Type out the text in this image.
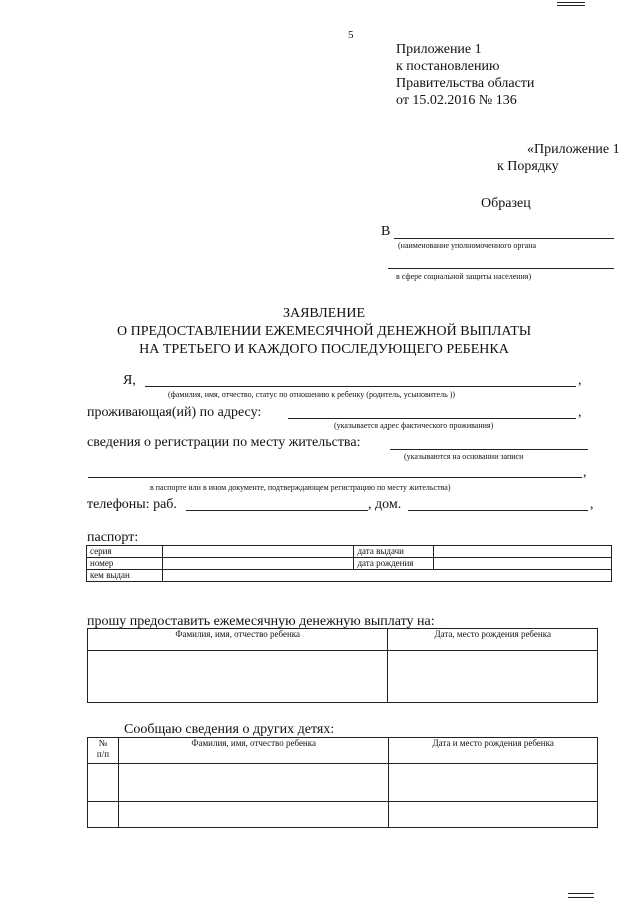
5
Приложение 1
к постановлению
Правительства области
от 15.02.2016 № 136
«Приложение 1
к Порядку
Образец
В
(наименование уполномоченного органа
в сфере социальной защиты населения)
ЗАЯВЛЕНИЕ
О ПРЕДОСТАВЛЕНИИ ЕЖЕМЕСЯЧНОЙ ДЕНЕЖНОЙ ВЫПЛАТЫ
НА ТРЕТЬЕГО И КАЖДОГО ПОСЛЕДУЮЩЕГО РЕБЕНКА
Я,	,
(фамилия, имя, отчество, статус по отношению к ребенку (родитель, усыновитель ))
проживающая(ий) по адресу:	,
(указывается адрес фактического проживания)
сведения о регистрации по месту жительства:
(указываются на основании записи
,
в паспорте или в ином документе, подтверждающем регистрацию по месту жительства)
телефоны: раб.	, дом.	,
паспорт:
серия		дата выдачи	
номер		дата рождения	
кем выдан			
прошу предоставить ежемесячную денежную выплату на:
Фамилия, имя, отчество ребенка	Дата, место рождения ребенка

Сообщаю сведения о других детях:
№
п/п	Фамилия, имя, отчество ребенка	Дата и место рождения ребенка
